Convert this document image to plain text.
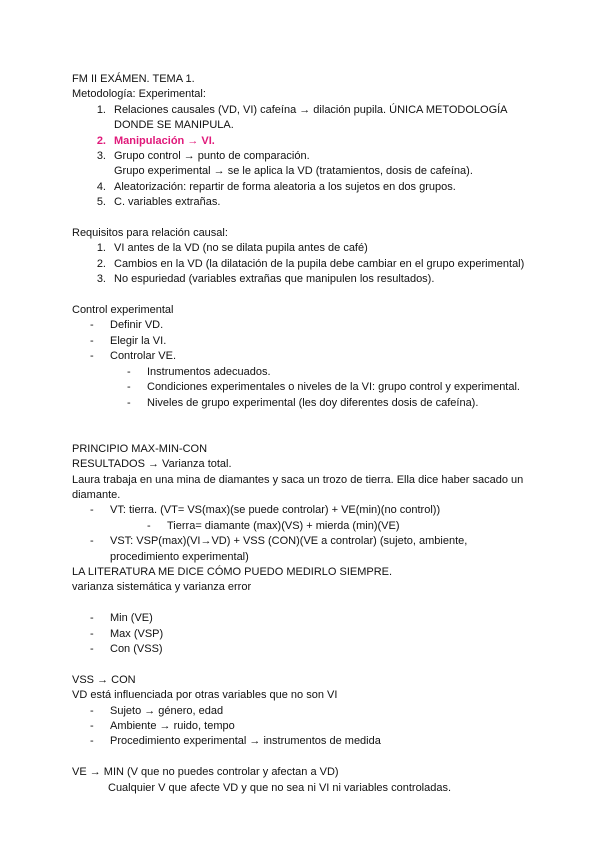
FM II EXÁMEN. TEMA 1.
Metodología: Experimental:
1. Relaciones causales (VD, VI) cafeína → dilación pupila. ÚNICA METODOLOGÍA
DONDE SE MANIPULA.
2. Manipulación → VI.
3. Grupo control → punto de comparación.
Grupo experimental → se le aplica la VD (tratamientos, dosis de cafeína).
4. Aleatorización: repartir de forma aleatoria a los sujetos en dos grupos.
5. C. variables extrañas.
Requisitos para relación causal:
1. VI antes de la VD (no se dilata pupila antes de café)
2. Cambios en la VD (la dilatación de la pupila debe cambiar en el grupo experimental)
3. No espuriedad (variables extrañas que manipulen los resultados).
Control experimental
- Definir VD.
- Elegir la VI.
- Controlar VE.
- Instrumentos adecuados.
- Condiciones experimentales o niveles de la VI: grupo control y experimental.
- Niveles de grupo experimental (les doy diferentes dosis de cafeína).
PRINCIPIO MAX-MIN-CON
RESULTADOS → Varianza total.
Laura trabaja en una mina de diamantes y saca un trozo de tierra. Ella dice haber sacado un
diamante.
- VT: tierra. (VT= VS(max)(se puede controlar) + VE(min)(no control))
- Tierra= diamante (max)(VS) + mierda (min)(VE)
- VST: VSP(max)(VI→VD) + VSS (CON)(VE a controlar) (sujeto, ambiente,
procedimiento experimental)
LA LITERATURA ME DICE CÓMO PUEDO MEDIRLO SIEMPRE.
varianza sistemática y varianza error
- Min (VE)
- Max (VSP)
- Con (VSS)
VSS → CON
VD está influenciada por otras variables que no son VI
- Sujeto → género, edad
- Ambiente → ruido, tempo
- Procedimiento experimental → instrumentos de medida
VE → MIN (V que no puedes controlar y afectan a VD)
Cualquier V que afecte VD y que no sea ni VI ni variables controladas.
